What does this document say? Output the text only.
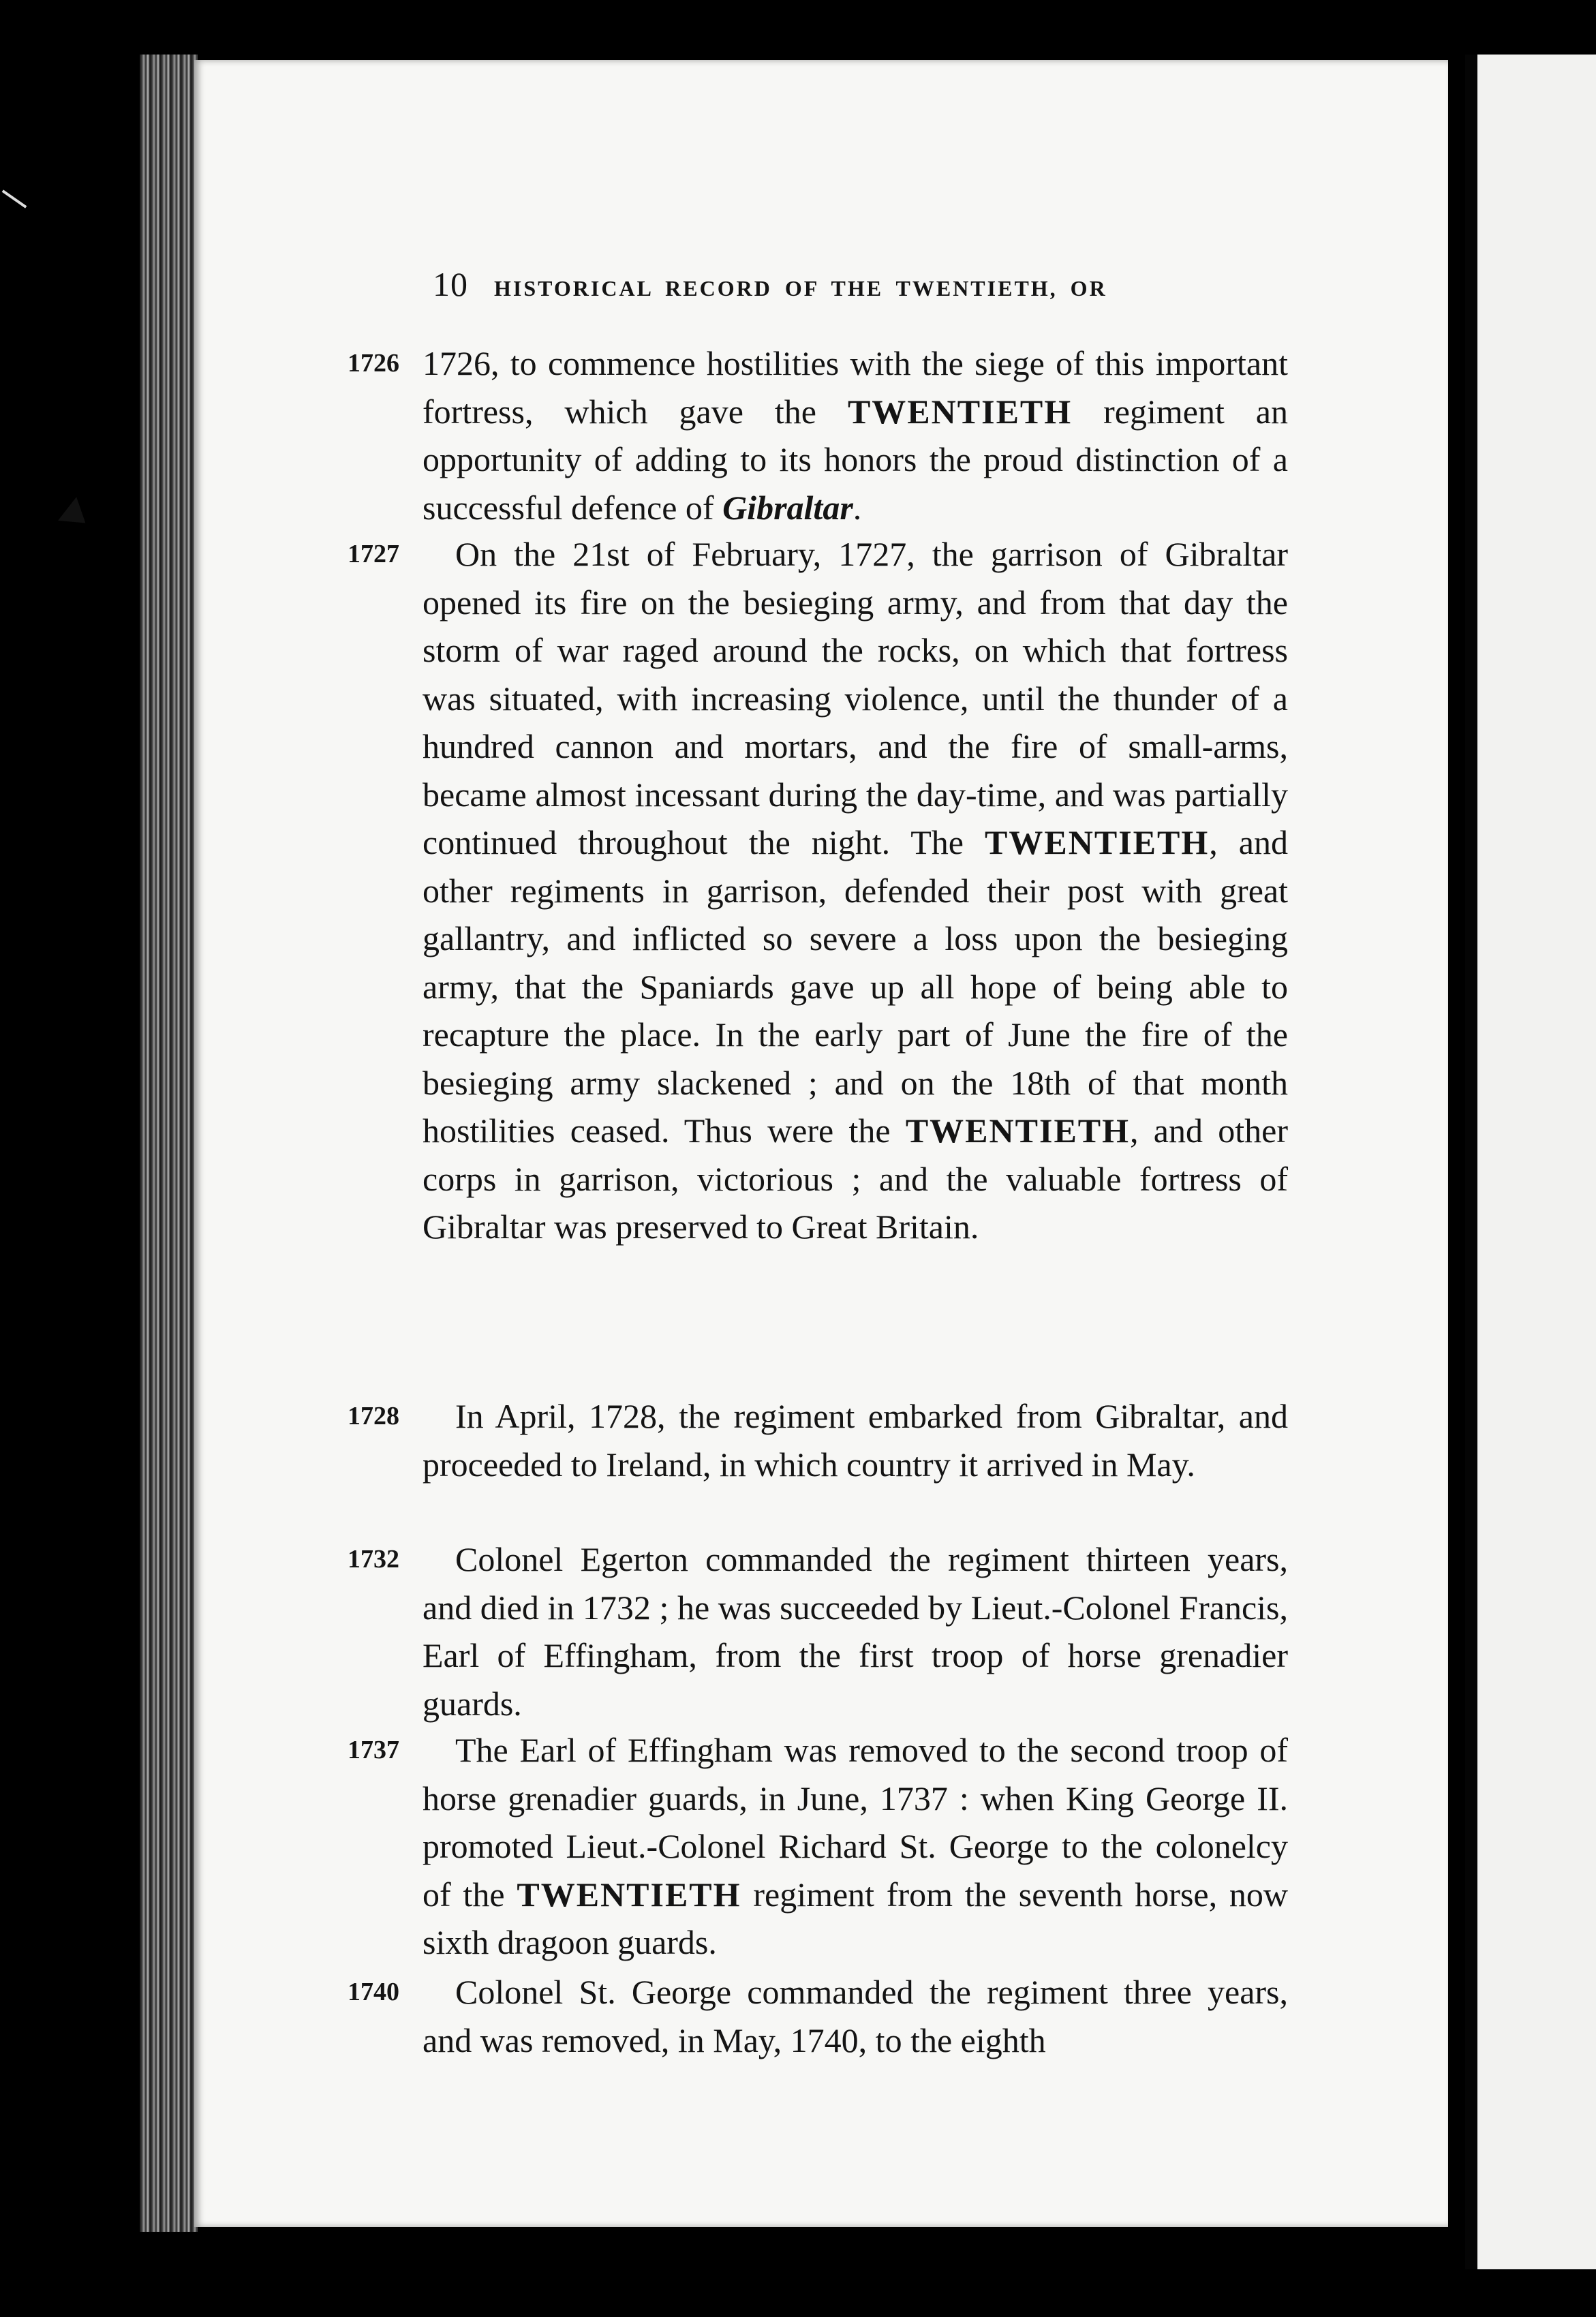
10 HISTORICAL RECORD OF THE TWENTIETH, OR
1726 1726, to commence hostilities with the siege of this important fortress, which gave the TWENTIETH regiment an opportunity of adding to its honors the proud distinction of a successful defence of Gibraltar.

1727	On the 21st of February, 1727, the garrison of Gibraltar opened its fire on the besieging army, and from that day the storm of war raged around the rocks, on which that fortress was situated, with increasing violence, until the thunder of a hundred cannon and mortars, and the fire of small-arms, became almost incessant during the day-time, and was partially continued throughout the night. The TWENTIETH, and other regiments in garrison, defended their post with great gallantry, and inflicted so severe a loss upon the besieging army, that the Spaniards gave up all hope of being able to recapture the place. In the early part of June the fire of the besieging army slackened ; and on the 18th of that month hostilities ceased. Thus were the TWENTIETH, and other corps in garrison, victorious ; and the valuable fortress of Gibraltar was preserved to Great Britain.

1728	In April, 1728, the regiment embarked from Gibraltar, and proceeded to Ireland, in which country it arrived in May.

1732	Colonel Egerton commanded the regiment thirteen years, and died in 1732 ; he was succeeded by Lieut.-Colonel Francis, Earl of Effingham, from the first troop of horse grenadier guards.

1737	The Earl of Effingham was removed to the second troop of horse grenadier guards, in June, 1737 : when King George II. promoted Lieut.-Colonel Richard St. George to the colonelcy of the TWENTIETH regiment from the seventh horse, now sixth dragoon guards.

1740	Colonel St. George commanded the regiment three years, and was removed, in May, 1740, to the eighth
